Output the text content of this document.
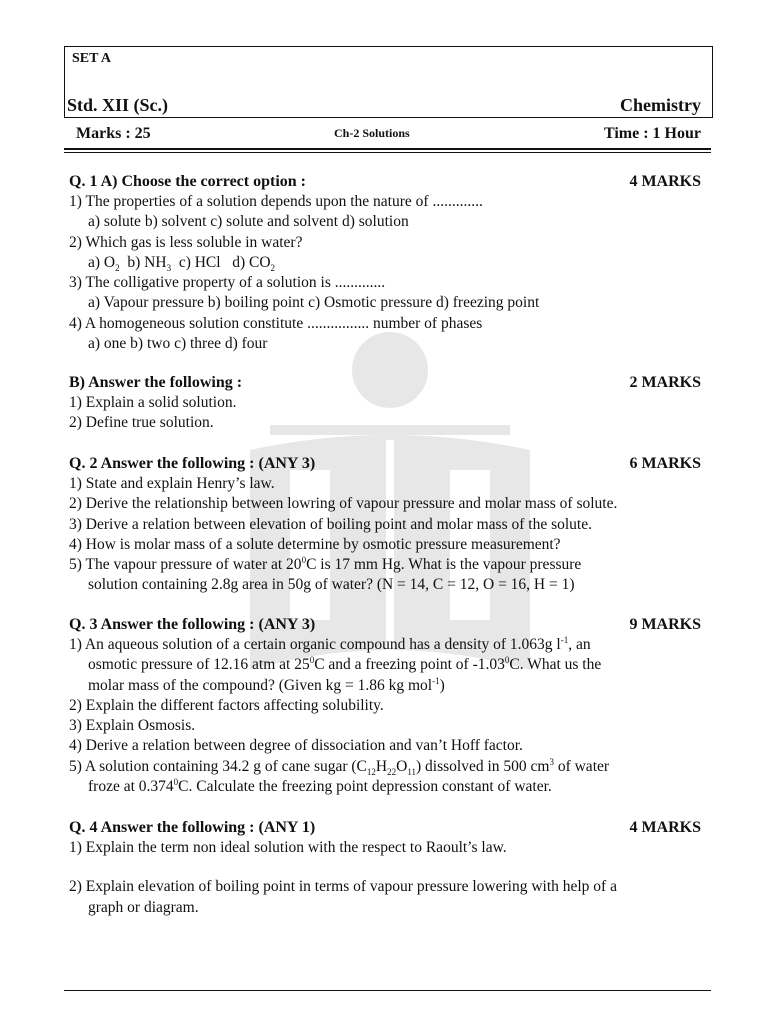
SET A
Std. XII (Sc.)	Chemistry
Marks : 25	Ch-2 Solutions	Time : 1 Hour
Q. 1 A) Choose the correct option :	4 MARKS
1) The properties of a solution depends upon the nature of .............
a) solute b) solvent c) solute and solvent d) solution
2) Which gas is less soluble in water?
a) $O_2$ b) $NH_3$ c) HCl d) $CO_2$
3) The colligative property of a solution is .............
a) Vapour pressure b) boiling point c) Osmotic pressure d) freezing point
4) A homogeneous solution constitute ................ number of phases
a) one b) two c) three d) four
B) Answer the following :	2 MARKS
1) Explain a solid solution.
2) Define true solution.
Q. 2 Answer the following : (ANY 3)	6 MARKS
1) State and explain Henry’s law.
2) Derive the relationship between lowring of vapour pressure and molar mass of solute.
3) Derive a relation between elevation of boiling point and molar mass of the solute.
4) How is molar mass of a solute determine by osmotic pressure measurement?
5) The vapour pressure of water at $20^0C$ is 17 mm Hg. What is the vapour pressure
solution containing 2.8g area in 50g of water? (N = 14, C = 12, O = 16, H = 1)
Q. 3 Answer the following : (ANY 3)	9 MARKS
1) An aqueous solution of a certain organic compound has a density of 1.063g $l^{-1}$, an
osmotic pressure of 12.16 atm at $25^0C$ and a freezing point of -1.03$^0$C. What us the
molar mass of the compound? (Given kg = 1.86 kg mol$^{-1}$)
2) Explain the different factors affecting solubility.
3) Explain Osmosis.
4) Derive a relation between degree of dissociation and van’t Hoff factor.
5) A solution containing 34.2 g of cane sugar $(C_{12}H_{22}O_{11})$ dissolved in 500 $cm^3$ of water
froze at 0.374$^0$C. Calculate the freezing point depression constant of water.
Q. 4 Answer the following : (ANY 1)	4 MARKS
1) Explain the term non ideal solution with the respect to Raoult’s law.
2) Explain elevation of boiling point in terms of vapour pressure lowering with help of a
graph or diagram.
